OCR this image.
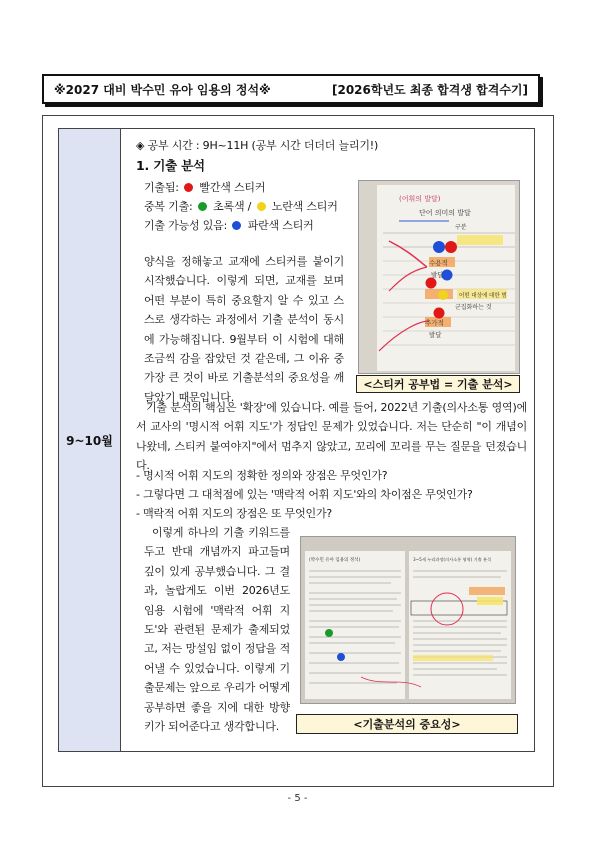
※2027 대비 박수민 유아 임용의 정석※	[2026학년도 최종 합격생 합격수기]
9~10월
◈ 공부 시간 : 9H~11H (공부 시간 더더더 늘리기!)
1. 기출 분석
기출됨: 빨간색 스티커
중복 기출: 초록색 / 노란색 스티커
기출 가능성 있음: 파란색 스티커
양식을 정해놓고 교재에 스티커를 붙이기 시작했습니다. 이렇게 되면, 교재를 보며 어떤 부분이 특히 중요할지 알 수 있고 스스로 생각하는 과정에서 기출 분석이 동시에 가능해집니다. 9월부터 이 시험에 대해 조금씩 감을 잡았던 것 같은데, 그 이유 중 가장 큰 것이 바로 기출분석의 중요성을 깨달았기 때문입니다.
(어휘의 발달)
단어 의미의 발달
수용적
발달
추가적
발달
군집화하는 것
어떤 대상에 대한 범
구분
<스티커 공부법 = 기출 분석>
기출 분석의 핵심은 '확장'에 있습니다. 예를 들어, 2022년 기출(의사소통 영역)에서 교사의 '명시적 어휘 지도'가 정답인 문제가 있었습니다. 저는 단순히 "이 개념이 나왔네, 스티커 붙여야지"에서 멈추지 않았고, 꼬리에 꼬리를 무는 질문을 던졌습니다.
- 명시적 어휘 지도의 정확한 정의와 장점은 무엇인가?
- 그렇다면 그 대척점에 있는 '맥락적 어휘 지도'와의 차이점은 무엇인가?
- 맥락적 어휘 지도의 장점은 또 무엇인가?
이렇게 하나의 기출 키워드를 두고 반대 개념까지 파고들며 깊이 있게 공부했습니다. 그 결과, 놀랍게도 이번 2026년도 임용 시험에 '맥락적 어휘 지도'와 관련된 문제가 출제되었고, 저는 망설임 없이 정답을 적어낼 수 있었습니다. 이렇게 기출문제는 앞으로 우리가 어떻게 공부하면 좋을 지에 대한 방향키가 되어준다고 생각합니다.
(박수민 유아 임용의 정석)	3~5세 누리과정(의사소통 영역) 기출 분석
<기출분석의 중요성>
- 5 -
